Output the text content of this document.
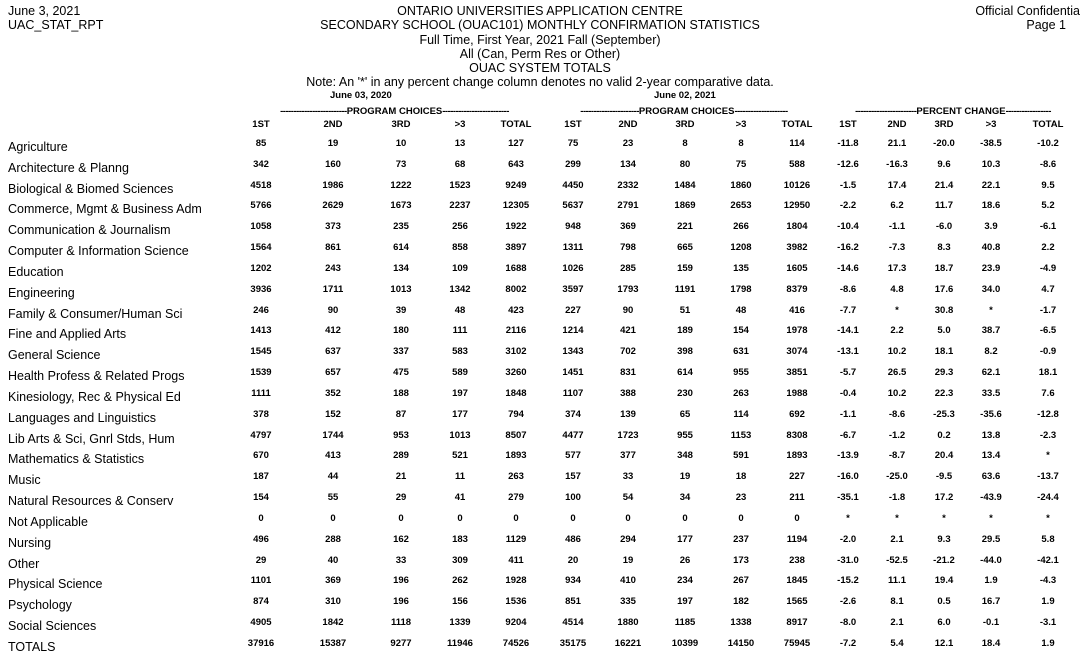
June 3, 2021
UAC_STAT_RPT
Official Confidentia
Page 1
ONTARIO UNIVERSITIES APPLICATION CENTRE
SECONDARY SCHOOL (OUAC101) MONTHLY CONFIRMATION STATISTICS
Full Time, First Year, 2021 Fall (September)
All (Can, Perm Res or Other)
OUAC SYSTEM TOTALS
Note: An '*' in any percent change column denotes no valid 2-year comparative data.
June 03, 2020	June 02, 2021
-------------------------PROGRAM CHOICES-------------------------	----------------------PROGRAM CHOICES--------------------	-----------------------PERCENT CHANGE-----------------
1ST	2ND	3RD	>3	TOTAL	1ST	2ND	3RD	>3	TOTAL	1ST	2ND	3RD	>3	TOTAL
Agriculture	85	19	10	13	127	75	23	8	8	114	-11.8	21.1	-20.0	-38.5	-10.2
Architecture & Planng	342	160	73	68	643	299	134	80	75	588	-12.6	-16.3	9.6	10.3	-8.6
Biological & Biomed Sciences	4518	1986	1222	1523	9249	4450	2332	1484	1860	10126	-1.5	17.4	21.4	22.1	9.5
Commerce, Mgmt & Business Adm	5766	2629	1673	2237	12305	5637	2791	1869	2653	12950	-2.2	6.2	11.7	18.6	5.2
Communication & Journalism	1058	373	235	256	1922	948	369	221	266	1804	-10.4	-1.1	-6.0	3.9	-6.1
Computer & Information Science	1564	861	614	858	3897	1311	798	665	1208	3982	-16.2	-7.3	8.3	40.8	2.2
Education	1202	243	134	109	1688	1026	285	159	135	1605	-14.6	17.3	18.7	23.9	-4.9
Engineering	3936	1711	1013	1342	8002	3597	1793	1191	1798	8379	-8.6	4.8	17.6	34.0	4.7
Family & Consumer/Human Sci	246	90	39	48	423	227	90	51	48	416	-7.7	*	30.8	*	-1.7
Fine and Applied Arts	1413	412	180	111	2116	1214	421	189	154	1978	-14.1	2.2	5.0	38.7	-6.5
General Science	1545	637	337	583	3102	1343	702	398	631	3074	-13.1	10.2	18.1	8.2	-0.9
Health Profess & Related Progs	1539	657	475	589	3260	1451	831	614	955	3851	-5.7	26.5	29.3	62.1	18.1
Kinesiology, Rec & Physical Ed	1111	352	188	197	1848	1107	388	230	263	1988	-0.4	10.2	22.3	33.5	7.6
Languages and Linguistics	378	152	87	177	794	374	139	65	114	692	-1.1	-8.6	-25.3	-35.6	-12.8
Lib Arts & Sci, Gnrl Stds, Hum	4797	1744	953	1013	8507	4477	1723	955	1153	8308	-6.7	-1.2	0.2	13.8	-2.3
Mathematics & Statistics	670	413	289	521	1893	577	377	348	591	1893	-13.9	-8.7	20.4	13.4	*
Music	187	44	21	11	263	157	33	19	18	227	-16.0	-25.0	-9.5	63.6	-13.7
Natural Resources & Conserv	154	55	29	41	279	100	54	34	23	211	-35.1	-1.8	17.2	-43.9	-24.4
Not Applicable	0	0	0	0	0	0	0	0	0	0	*	*	*	*	*
Nursing	496	288	162	183	1129	486	294	177	237	1194	-2.0	2.1	9.3	29.5	5.8
Other	29	40	33	309	411	20	19	26	173	238	-31.0	-52.5	-21.2	-44.0	-42.1
Physical Science	1101	369	196	262	1928	934	410	234	267	1845	-15.2	11.1	19.4	1.9	-4.3
Psychology	874	310	196	156	1536	851	335	197	182	1565	-2.6	8.1	0.5	16.7	1.9
Social Sciences	4905	1842	1118	1339	9204	4514	1880	1185	1338	8917	-8.0	2.1	6.0	-0.1	-3.1
TOTALS	37916	15387	9277	11946	74526	35175	16221	10399	14150	75945	-7.2	5.4	12.1	18.4	1.9
